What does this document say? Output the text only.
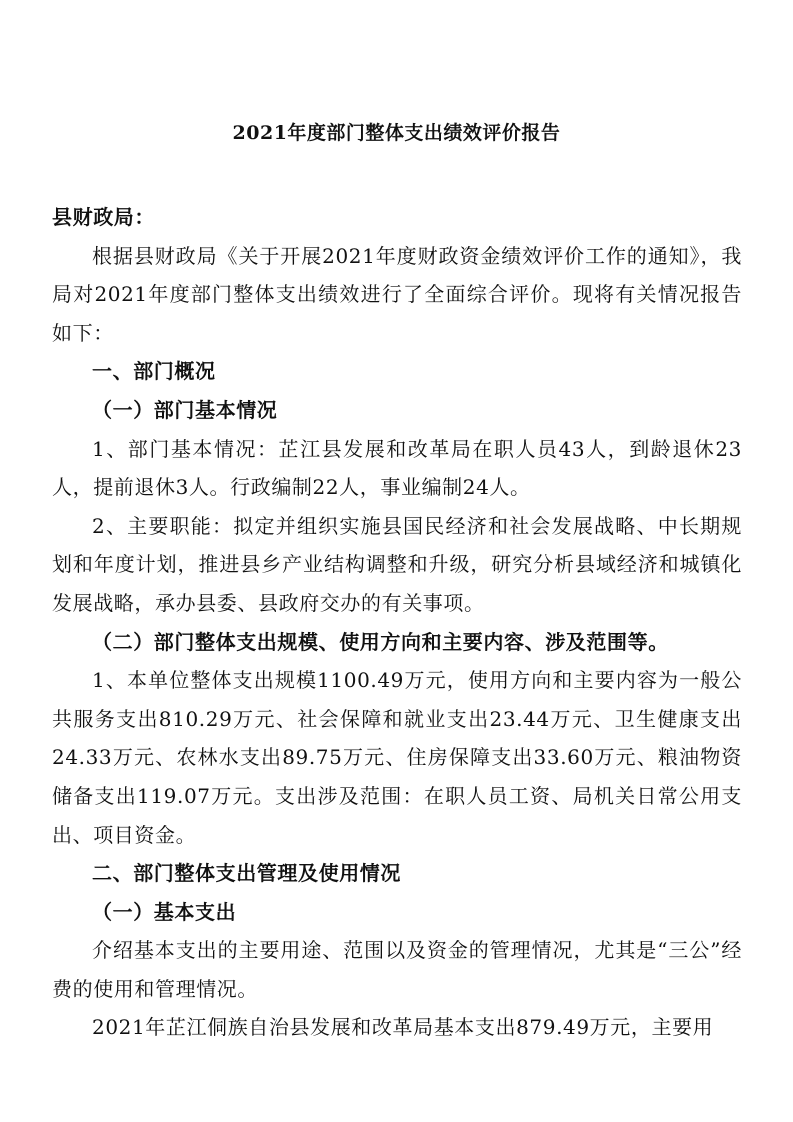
2021年度部门整体支出绩效评价报告

县财政局：

根据县财政局《关于开展2021年度财政资金绩效评价工作的通知》，我局对2021年度部门整体支出绩效进行了全面综合评价。现将有关情况报告如下：

一、部门概况

（一）部门基本情况

1、部门基本情况：芷江县发展和改革局在职人员43人，到龄退休23人，提前退休3人。行政编制22人，事业编制24人。

2、主要职能：拟定并组织实施县国民经济和社会发展战略、中长期规划和年度计划，推进县乡产业结构调整和升级，研究分析县域经济和城镇化发展战略，承办县委、县政府交办的有关事项。

（二）部门整体支出规模、使用方向和主要内容、涉及范围等。

1、本单位整体支出规模1100.49万元，使用方向和主要内容为一般公共服务支出810.29万元、社会保障和就业支出23.44万元、卫生健康支出24.33万元、农林水支出89.75万元、住房保障支出33.60万元、粮油物资储备支出119.07万元。支出涉及范围：在职人员工资、局机关日常公用支出、项目资金。

二、部门整体支出管理及使用情况

（一）基本支出

介绍基本支出的主要用途、范围以及资金的管理情况，尤其是“三公”经费的使用和管理情况。

2021年芷江侗族自治县发展和改革局基本支出879.49万元，主要用
